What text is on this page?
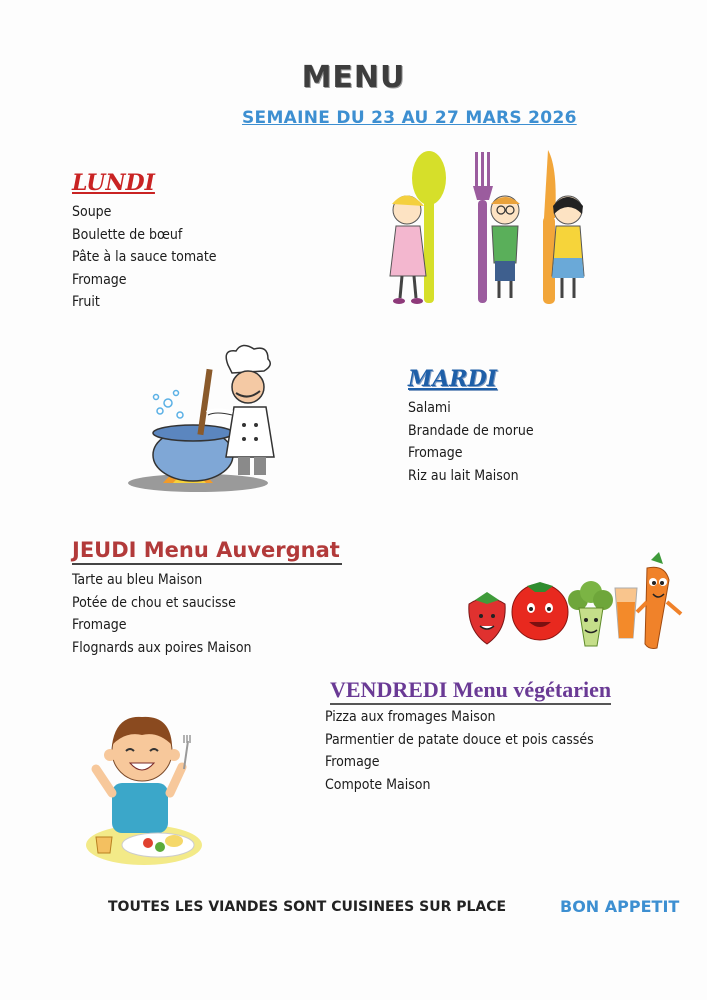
MENU
SEMAINE DU 23 AU 27 MARS 2026
LUNDI
Soupe
Boulette de bœuf
Pâte à la sauce tomate
Fromage
Fruit
MARDI
Salami
Brandade de morue
Fromage
Riz au lait Maison
JEUDI Menu Auvergnat
Tarte au bleu Maison
Potée de chou et saucisse
Fromage
Flognards aux poires Maison
VENDREDI Menu végétarien
Pizza aux fromages Maison
Parmentier de patate douce et pois cassés
Fromage
Compote Maison
TOUTES LES VIANDES SONT CUISINEES SUR PLACE	BON APPETIT
